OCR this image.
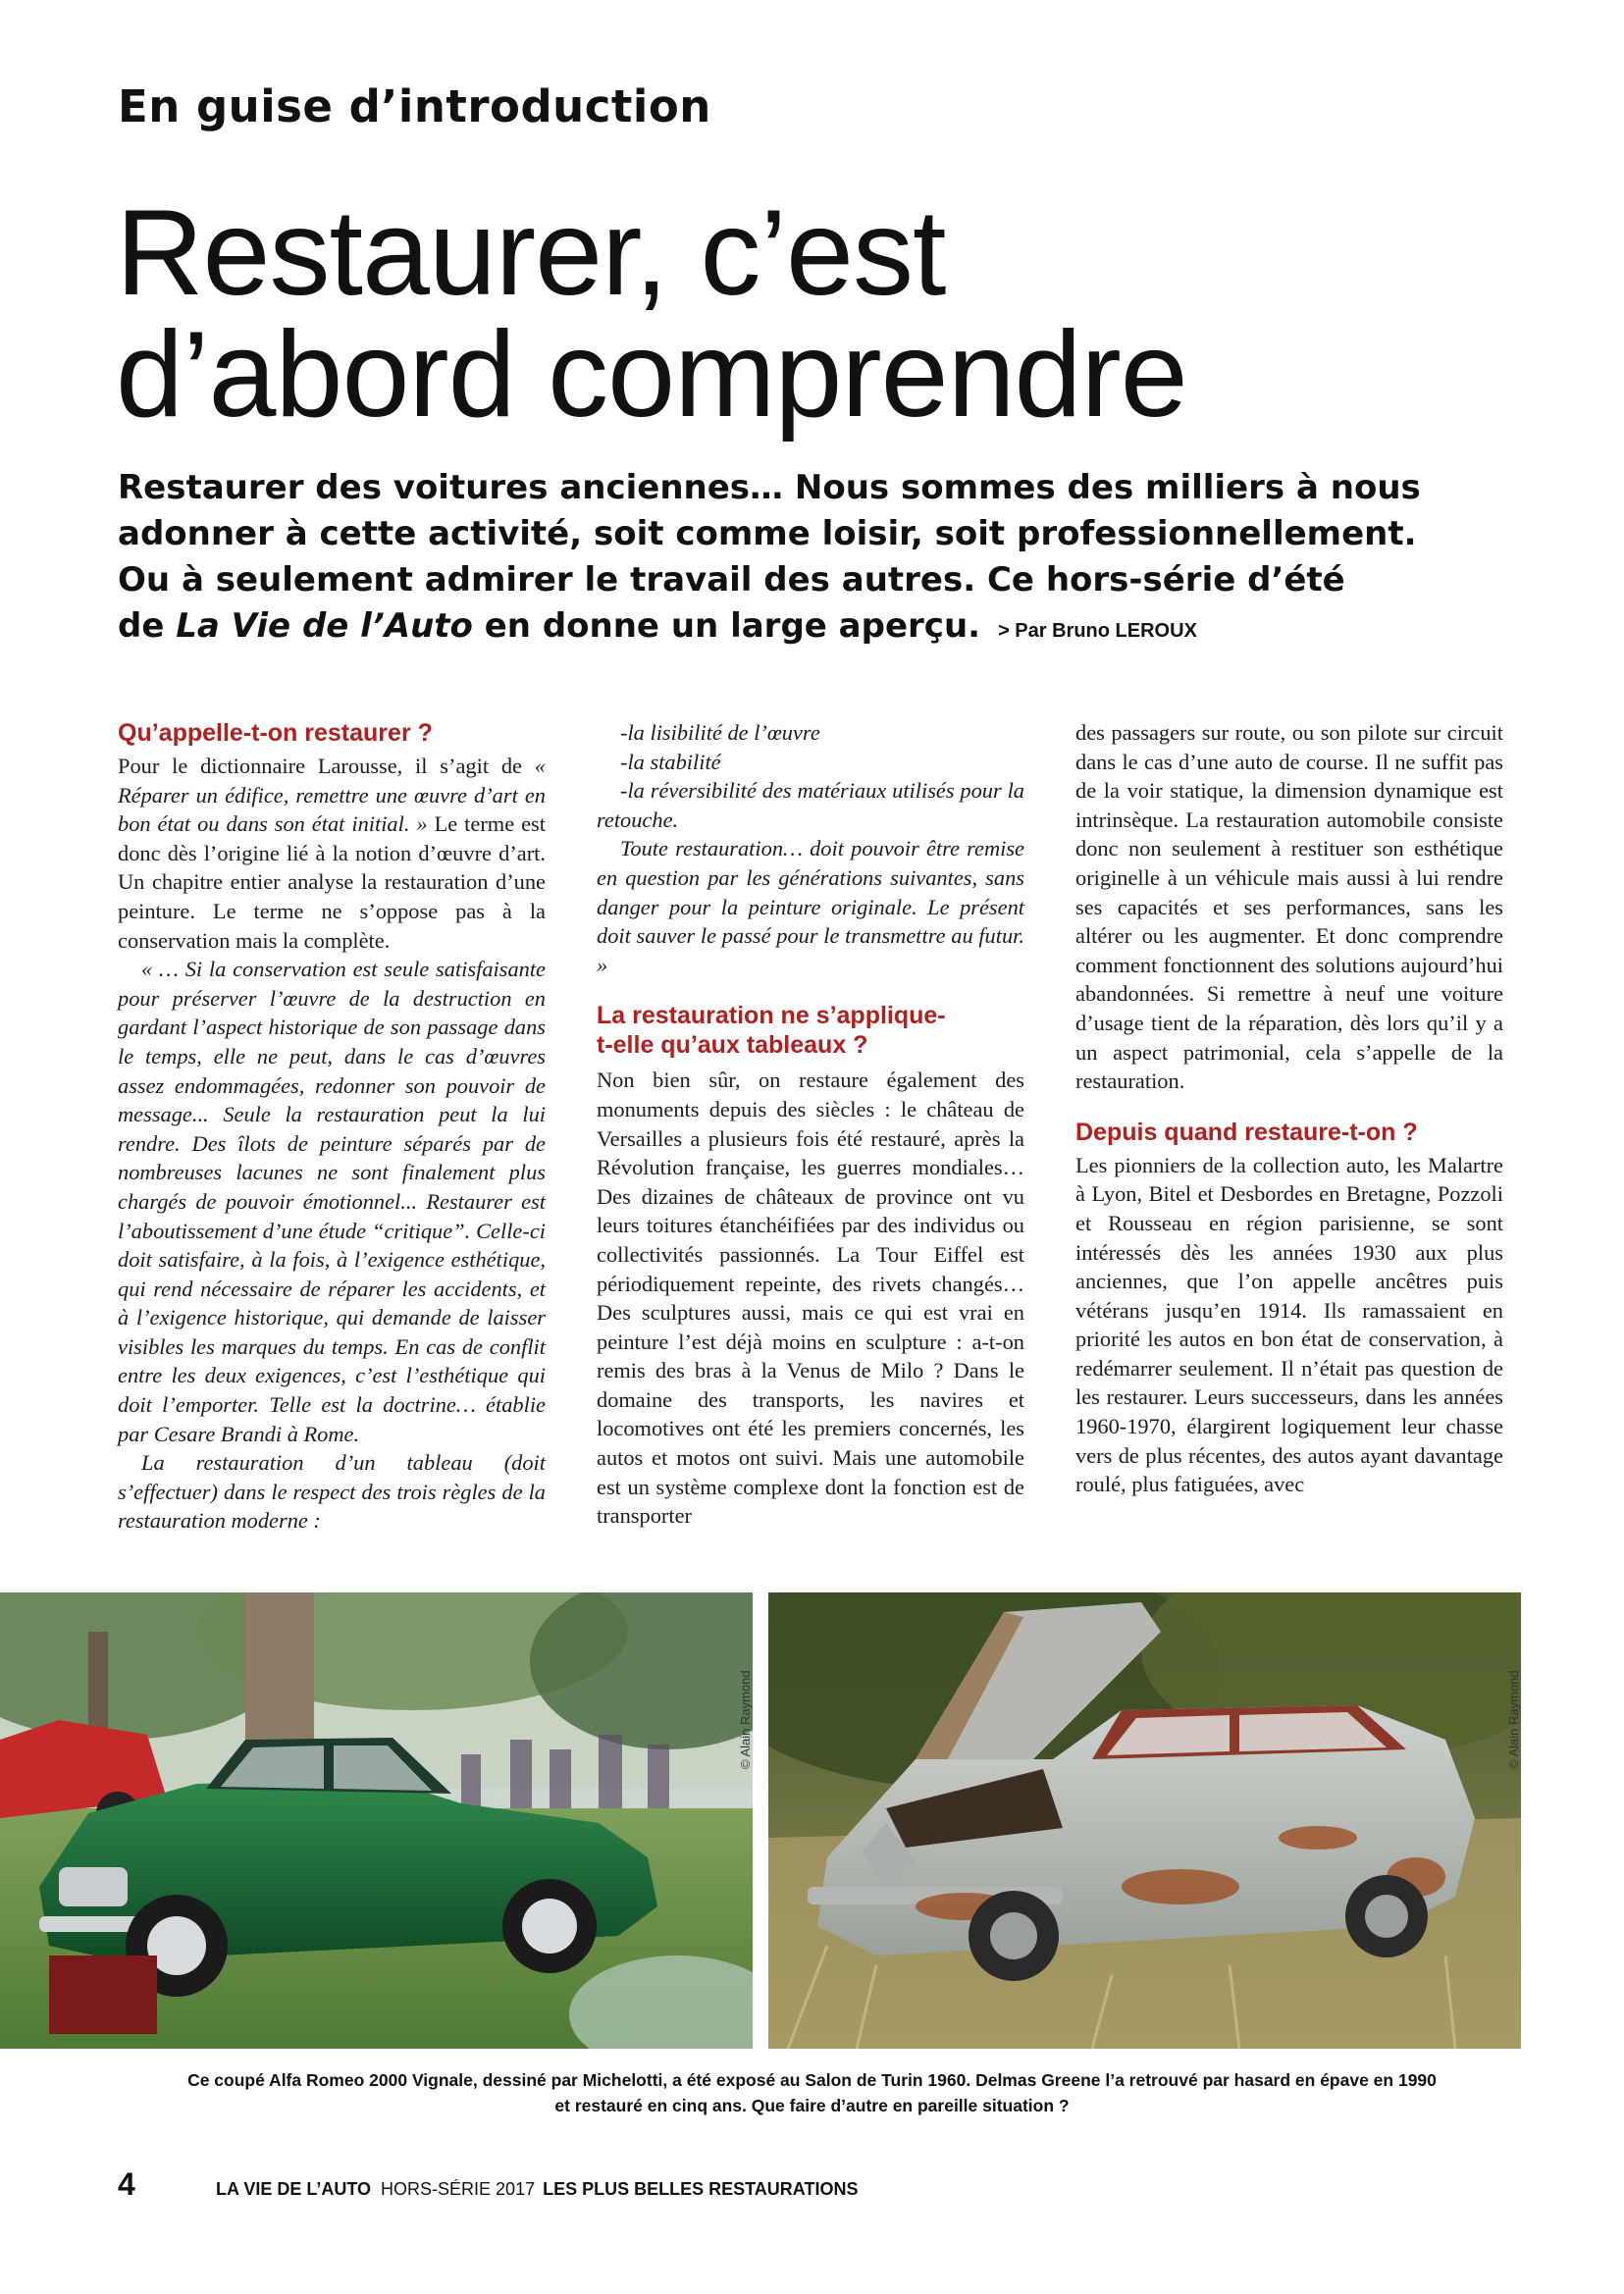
En guise d’introduction
Restaurer, c’est
d’abord comprendre
Restaurer des voitures anciennes… Nous sommes des milliers à nous
adonner à cette activité, soit comme loisir, soit professionnellement.
Ou à seulement admirer le travail des autres. Ce hors-série d’été
de La Vie de l’Auto en donne un large aperçu. > Par Bruno LEROUX
Qu’appelle-t-on restaurer ?

Pour le dictionnaire Larousse, il s’agit de « Réparer un édifice, remettre une œuvre d’art en bon état ou dans son état initial. » Le terme est donc dès l’origine lié à la notion d’œuvre d’art. Un chapitre entier analyse la restauration d’une peinture. Le terme ne s’oppose pas à la conservation mais la complète.

« … Si la conservation est seule satisfaisante pour préserver l’œuvre de la destruction en gardant l’aspect historique de son passage dans le temps, elle ne peut, dans le cas d’œuvres assez endommagées, redonner son pouvoir de message... Seule la restauration peut la lui rendre. Des îlots de peinture séparés par de nombreuses lacunes ne sont finalement plus chargés de pouvoir émotionnel... Restaurer est l’aboutissement d’une étude “critique”. Celle-ci doit satisfaire, à la fois, à l’exigence esthétique, qui rend nécessaire de réparer les accidents, et à l’exigence historique, qui demande de laisser visibles les marques du temps. En cas de conflit entre les deux exigences, c’est l’esthétique qui doit l’emporter. Telle est la doctrine… établie par Cesare Brandi à Rome.

La restauration d’un tableau (doit s’effectuer) dans le respect des trois règles de la restauration moderne :

-la lisibilité de l’œuvre

-la stabilité

-la réversibilité des matériaux utilisés pour la retouche.

Toute restauration… doit pouvoir être remise en question par les générations suivantes, sans danger pour la peinture originale. Le présent doit sauver le passé pour le transmettre au futur. »

La restauration ne s’applique-
t-elle qu’aux tableaux ?

Non bien sûr, on restaure également des monuments depuis des siècles : le château de Versailles a plusieurs fois été restauré, après la Révolution française, les guerres mondiales… Des dizaines de châteaux de province ont vu leurs toitures étanchéifiées par des individus ou collectivités passionnés. La Tour Eiffel est périodiquement repeinte, des rivets changés… Des sculptures aussi, mais ce qui est vrai en peinture l’est déjà moins en sculpture : a-t-on remis des bras à la Venus de Milo ? Dans le domaine des transports, les navires et locomotives ont été les premiers concernés, les autos et motos ont suivi. Mais une automobile est un système complexe dont la fonction est de transporter

des passagers sur route, ou son pilote sur circuit dans le cas d’une auto de course. Il ne suffit pas de la voir statique, la dimension dynamique est intrinsèque. La restauration automobile consiste donc non seulement à restituer son esthétique originelle à un véhicule mais aussi à lui rendre ses capacités et ses performances, sans les altérer ou les augmenter. Et donc comprendre comment fonctionnent des solutions aujourd’hui abandonnées. Si remettre à neuf une voiture d’usage tient de la réparation, dès lors qu’il y a un aspect patrimonial, cela s’appelle de la restauration.

Depuis quand restaure-t-on ?

Les pionniers de la collection auto, les Malartre à Lyon, Bitel et Desbordes en Bretagne, Pozzoli et Rousseau en région parisienne, se sont intéressés dès les années 1930 aux plus anciennes, que l’on appelle ancêtres puis vétérans jusqu’en 1914. Ils ramassaient en priorité les autos en bon état de conservation, à redémarrer seulement. Il n’était pas question de les restaurer. Leurs successeurs, dans les années 1960-1970, élargirent logiquement leur chasse vers de plus récentes, des autos ayant davantage roulé, plus fatiguées, avec

© Alain Raymond	© Alain Raymond
Ce coupé Alfa Romeo 2000 Vignale, dessiné par Michelotti, a été exposé au Salon de Turin 1960. Delmas Greene l’a retrouvé par hasard en épave en 1990
et restauré en cinq ans. Que faire d’autre en pareille situation ?
4	LA VIE DE L’AUTO HORS-SÉRIE 2017 LES PLUS BELLES RESTAURATIONS
